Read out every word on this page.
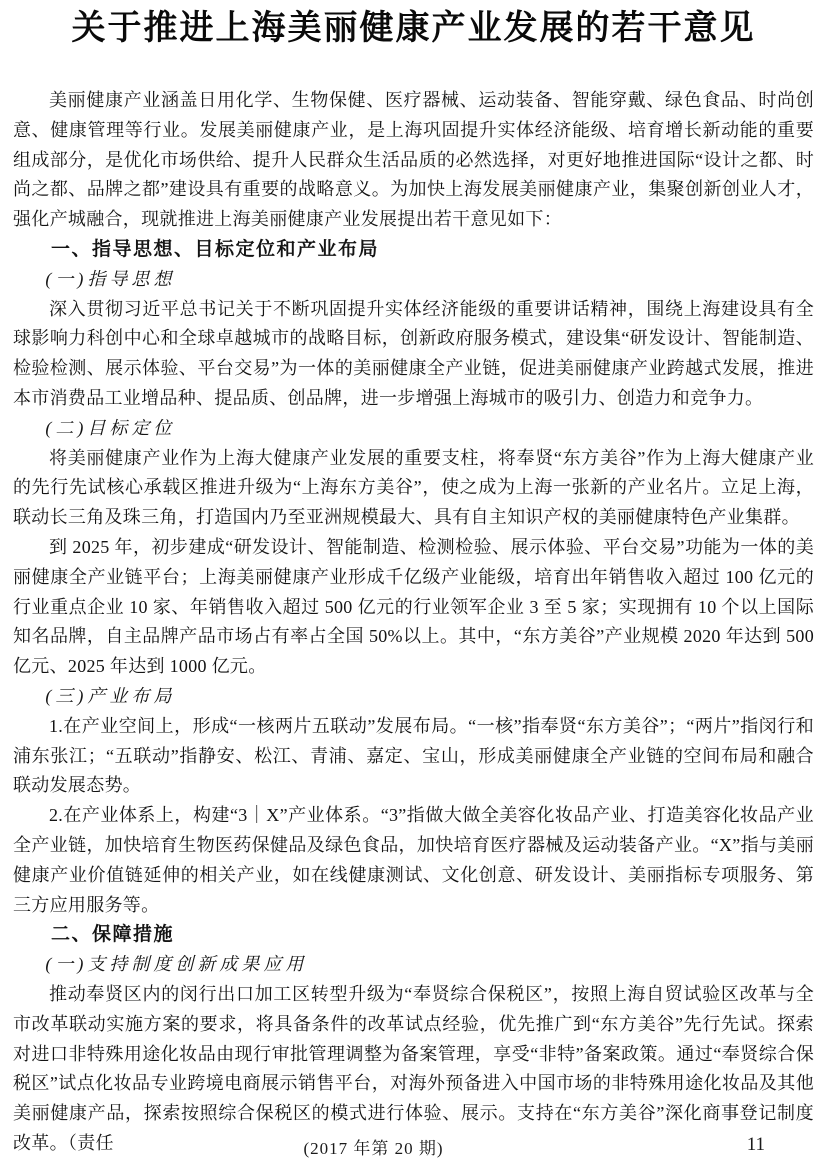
关于推进上海美丽健康产业发展的若干意见

美丽健康产业涵盖日用化学、生物保健、医疗器械、运动装备、智能穿戴、绿色食品、时尚创意、健康管理等行业。发展美丽健康产业，是上海巩固提升实体经济能级、培育增长新动能的重要组成部分，是优化市场供给、提升人民群众生活品质的必然选择，对更好地推进国际“设计之都、时尚之都、品牌之都”建设具有重要的战略意义。为加快上海发展美丽健康产业，集聚创新创业人才，强化产城融合，现就推进上海美丽健康产业发展提出若干意见如下：

一、指导思想、目标定位和产业布局

(一)指导思想

深入贯彻习近平总书记关于不断巩固提升实体经济能级的重要讲话精神，围绕上海建设具有全球影响力科创中心和全球卓越城市的战略目标，创新政府服务模式，建设集“研发设计、智能制造、检验检测、展示体验、平台交易”为一体的美丽健康全产业链，促进美丽健康产业跨越式发展，推进本市消费品工业增品种、提品质、创品牌，进一步增强上海城市的吸引力、创造力和竞争力。

(二)目标定位

将美丽健康产业作为上海大健康产业发展的重要支柱，将奉贤“东方美谷”作为上海大健康产业的先行先试核心承载区推进升级为“上海东方美谷”，使之成为上海一张新的产业名片。立足上海，联动长三角及珠三角，打造国内乃至亚洲规模最大、具有自主知识产权的美丽健康特色产业集群。

到 2025 年，初步建成“研发设计、智能制造、检测检验、展示体验、平台交易”功能为一体的美丽健康全产业链平台；上海美丽健康产业形成千亿级产业能级，培育出年销售收入超过 100 亿元的行业重点企业 10 家、年销售收入超过 500 亿元的行业领军企业 3 至 5 家；实现拥有 10 个以上国际知名品牌，自主品牌产品市场占有率占全国 50%以上。其中，“东方美谷”产业规模 2020 年达到 500 亿元、2025 年达到 1000 亿元。

(三)产业布局

1.在产业空间上，形成“一核两片五联动”发展布局。“一核”指奉贤“东方美谷”；“两片”指闵行和浦东张江；“五联动”指静安、松江、青浦、嘉定、宝山，形成美丽健康全产业链的空间布局和融合联动发展态势。

2.在产业体系上，构建“3｜X”产业体系。“3”指做大做全美容化妆品产业、打造美容化妆品产业全产业链，加快培育生物医药保健品及绿色食品，加快培育医疗器械及运动装备产业。“X”指与美丽健康产业价值链延伸的相关产业，如在线健康测试、文化创意、研发设计、美丽指标专项服务、第三方应用服务等。

二、保障措施

(一)支持制度创新成果应用

推动奉贤区内的闵行出口加工区转型升级为“奉贤综合保税区”，按照上海自贸试验区改革与全市改革联动实施方案的要求，将具备条件的改革试点经验，优先推广到“东方美谷”先行先试。探索对进口非特殊用途化妆品由现行审批管理调整为备案管理，享受“非特”备案政策。通过“奉贤综合保税区”试点化妆品专业跨境电商展示销售平台，对海外预备进入中国市场的非特殊用途化妆品及其他美丽健康产品，探索按照综合保税区的模式进行体验、展示。支持在“东方美谷”深化商事登记制度改革。（责任	(2017 年第 20 期)	11
